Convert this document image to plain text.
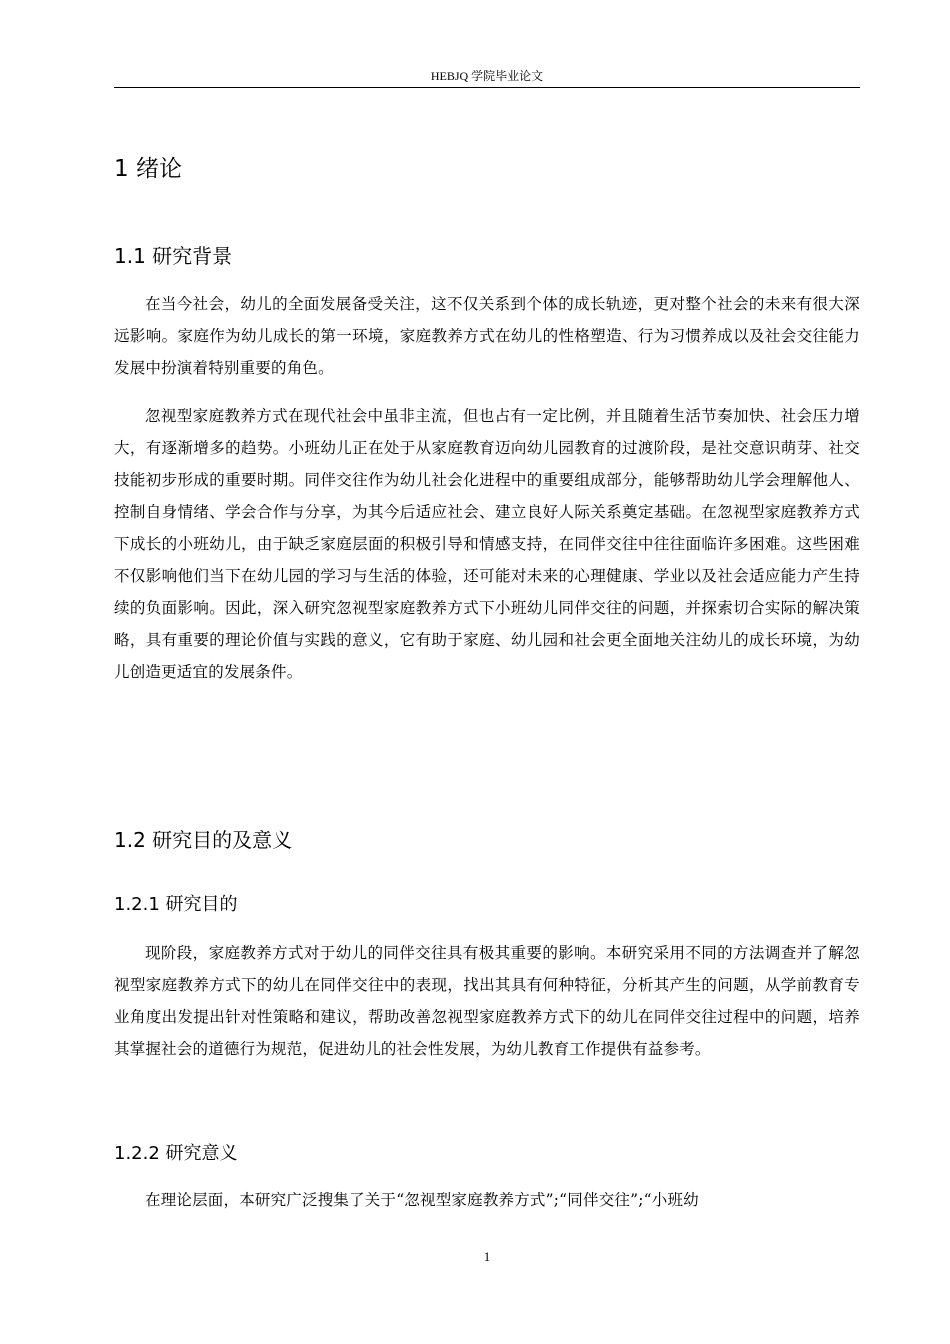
HEBJQ 学院毕业论文
1 绪论
1.1 研究背景

在当今社会，幼儿的全面发展备受关注，这不仅关系到个体的成长轨迹，更对整个社会的未来有很大深远影响。家庭作为幼儿成长的第一环境，家庭教养方式在幼儿的性格塑造、行为习惯养成以及社会交往能力发展中扮演着特别重要的角色。

忽视型家庭教养方式在现代社会中虽非主流，但也占有一定比例，并且随着生活节奏加快、社会压力增大，有逐渐增多的趋势。小班幼儿正在处于从家庭教育迈向幼儿园教育的过渡阶段，是社交意识萌芽、社交技能初步形成的重要时期。同伴交往作为幼儿社会化进程中的重要组成部分，能够帮助幼儿学会理解他人、控制自身情绪、学会合作与分享，为其今后适应社会、建立良好人际关系奠定基础。在忽视型家庭教养方式下成长的小班幼儿，由于缺乏家庭层面的积极引导和情感支持，在同伴交往中往往面临许多困难。这些困难不仅影响他们当下在幼儿园的学习与生活的体验，还可能对未来的心理健康、学业以及社会适应能力产生持续的负面影响。因此，深入研究忽视型家庭教养方式下小班幼儿同伴交往的问题，并探索切合实际的解决策略，具有重要的理论价值与实践的意义，它有助于家庭、幼儿园和社会更全面地关注幼儿的成长环境，为幼儿创造更适宜的发展条件。

1.2 研究目的及意义
1.2.1 研究目的

现阶段，家庭教养方式对于幼儿的同伴交往具有极其重要的影响。本研究采用不同的方法调查并了解忽视型家庭教养方式下的幼儿在同伴交往中的表现，找出其具有何种特征，分析其产生的问题，从学前教育专业角度出发提出针对性策略和建议，帮助改善忽视型家庭教养方式下的幼儿在同伴交往过程中的问题，培养其掌握社会的道德行为规范，促进幼儿的社会性发展，为幼儿教育工作提供有益参考。

1.2.2 研究意义

在理论层面，本研究广泛搜集了关于“忽视型家庭教养方式”;“同伴交往”;“小班幼

1
